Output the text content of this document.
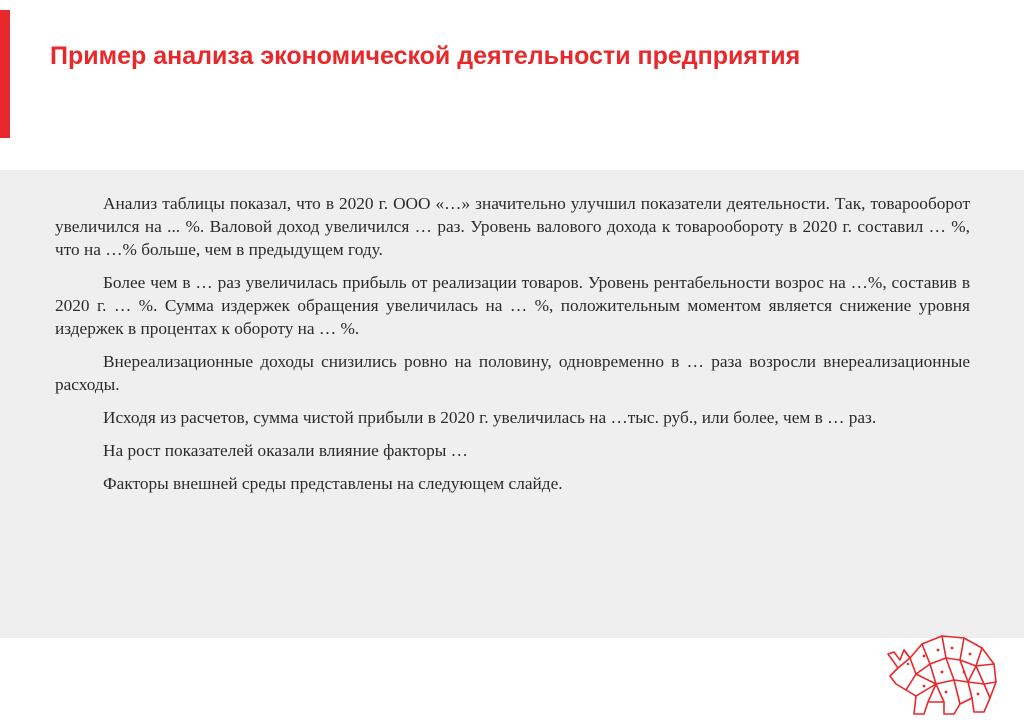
Пример анализа экономической деятельности предприятия

Анализ таблицы показал, что в 2020 г. ООО «…» значительно улучшил показатели деятельности. Так, товарооборот увеличился на ... %. Валовой доход увеличился … раз. Уровень валового дохода к товарообороту в 2020 г. составил … %, что на …% больше, чем в предыдущем году.

Более чем в … раз увеличилась прибыль от реализации товаров. Уровень рентабельности возрос на …%, составив в 2020 г. … %. Сумма издержек обращения увеличилась на … %, положительным моментом является снижение уровня издержек в процентах к обороту на … %.

Внереализационные доходы снизились ровно на половину, одновременно в … раза возросли внереализационные расходы.

Исходя из расчетов, сумма чистой прибыли в 2020 г. увеличилась на …тыс. руб., или более, чем в … раз.

На рост показателей оказали влияние факторы …

Факторы внешней среды представлены на следующем слайде.
